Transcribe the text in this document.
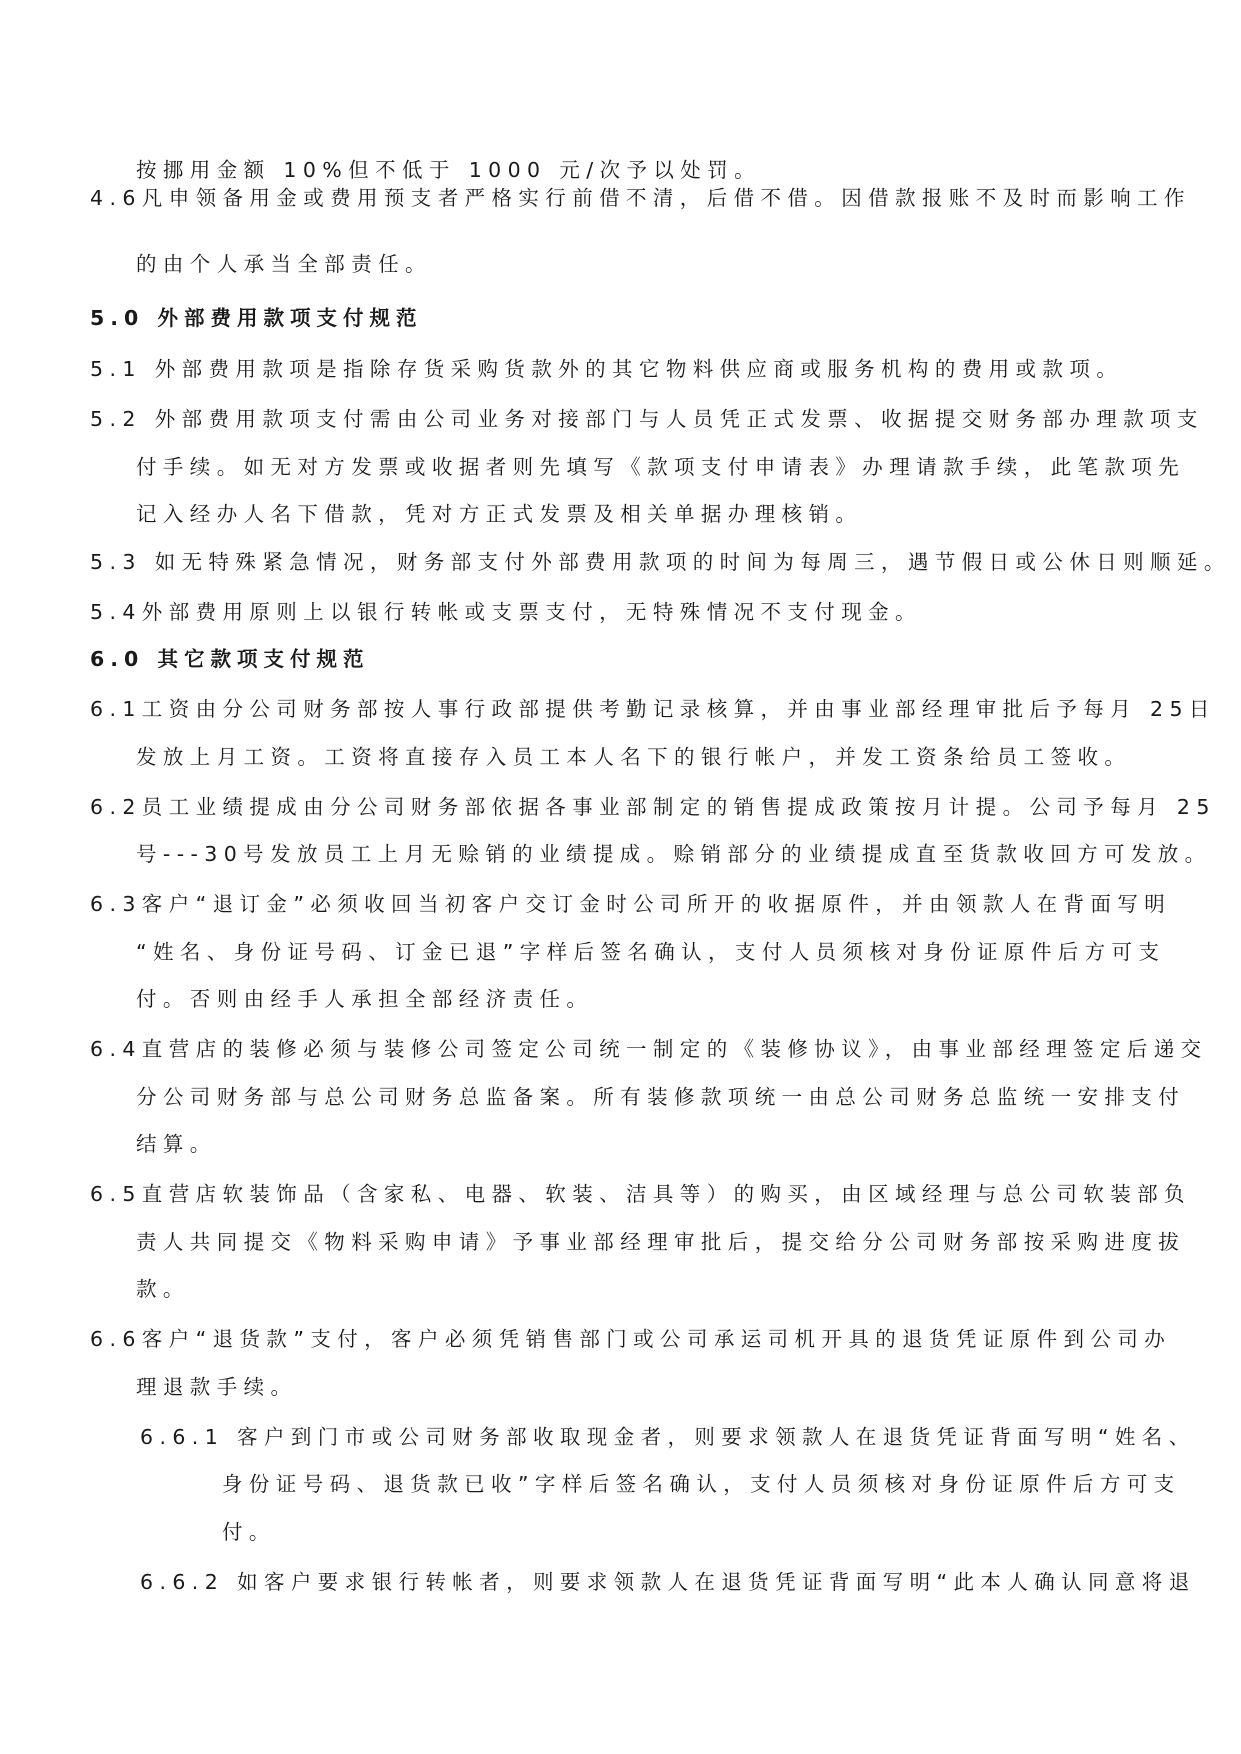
按挪用金额 10%但不低于 1000 元/次予以处罚。
4.6凡申领备用金或费用预支者严格实行前借不清，后借不借。因借款报账不及时而影响工作
的由个人承当全部责任。
5.0 外部费用款项支付规范
5.1 外部费用款项是指除存货采购货款外的其它物料供应商或服务机构的费用或款项。
5.2 外部费用款项支付需由公司业务对接部门与人员凭正式发票、收据提交财务部办理款项支
付手续。如无对方发票或收据者则先填写《款项支付申请表》办理请款手续，此笔款项先
记入经办人名下借款，凭对方正式发票及相关单据办理核销。
5.3 如无特殊紧急情况，财务部支付外部费用款项的时间为每周三，遇节假日或公休日则顺延。
5.4外部费用原则上以银行转帐或支票支付，无特殊情况不支付现金。
6.0 其它款项支付规范
6.1工资由分公司财务部按人事行政部提供考勤记录核算，并由事业部经理审批后予每月 25日
发放上月工资。工资将直接存入员工本人名下的银行帐户，并发工资条给员工签收。
6.2员工业绩提成由分公司财务部依据各事业部制定的销售提成政策按月计提。公司予每月 25
号---30号发放员工上月无赊销的业绩提成。赊销部分的业绩提成直至货款收回方可发放。
6.3客户“退订金”必须收回当初客户交订金时公司所开的收据原件，并由领款人在背面写明
“姓名、身份证号码、订金已退”字样后签名确认，支付人员须核对身份证原件后方可支
付。否则由经手人承担全部经济责任。
6.4直营店的装修必须与装修公司签定公司统一制定的《装修协议》，由事业部经理签定后递交
分公司财务部与总公司财务总监备案。所有装修款项统一由总公司财务总监统一安排支付
结算。
6.5直营店软装饰品（含家私、电器、软装、洁具等）的购买，由区域经理与总公司软装部负
责人共同提交《物料采购申请》予事业部经理审批后，提交给分公司财务部按采购进度拔
款。
6.6客户“退货款”支付，客户必须凭销售部门或公司承运司机开具的退货凭证原件到公司办
理退款手续。
6.6.1 客户到门市或公司财务部收取现金者，则要求领款人在退货凭证背面写明“姓名、
身份证号码、退货款已收”字样后签名确认，支付人员须核对身份证原件后方可支
付。
6.6.2 如客户要求银行转帐者，则要求领款人在退货凭证背面写明“此本人确认同意将退
